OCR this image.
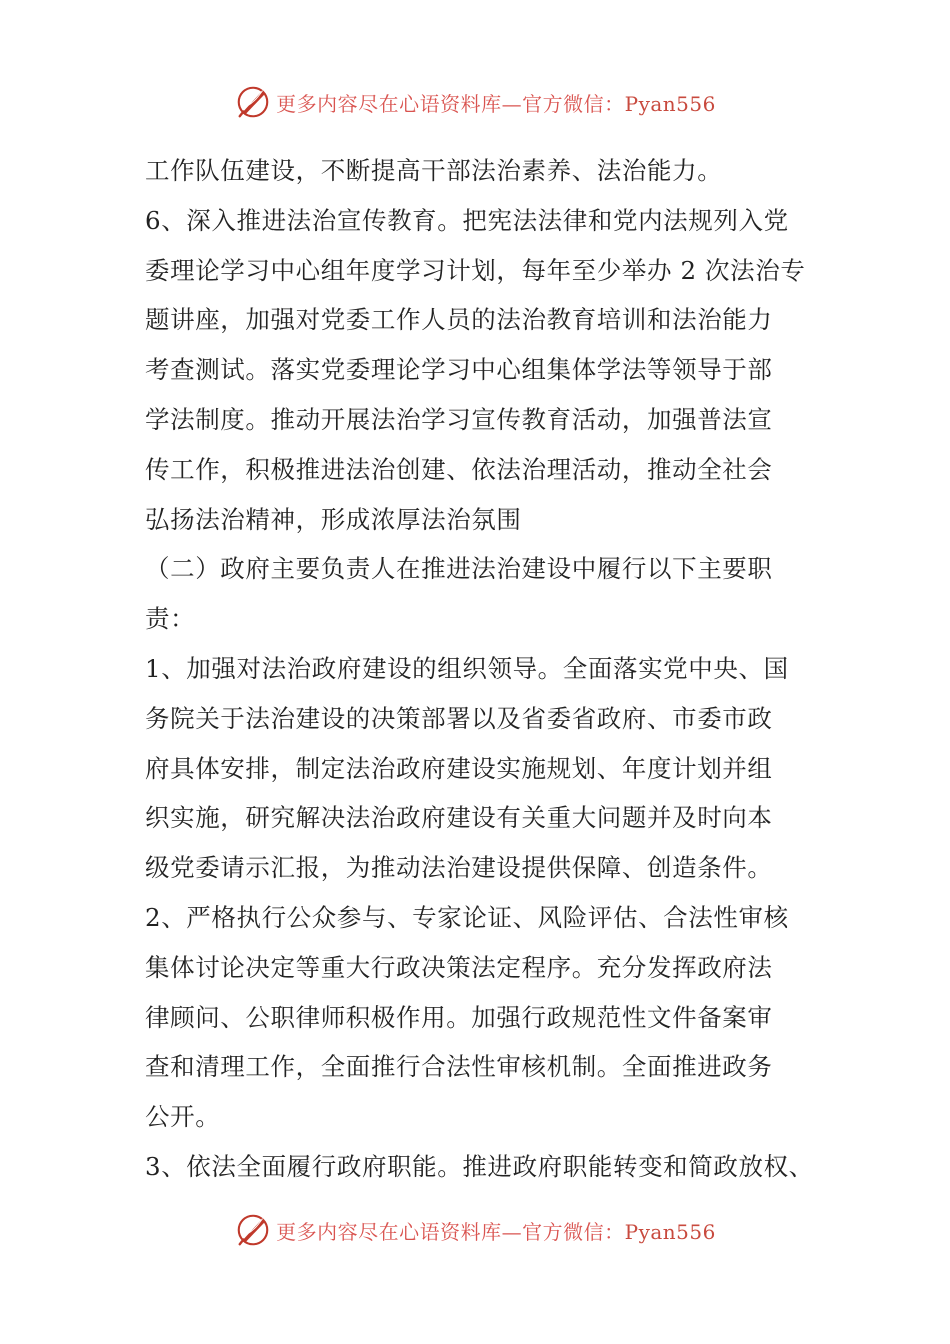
更多内容尽在心语资料库—官方微信：Pyan556
工作队伍建设，不断提高干部法治素养、法治能力。
6、深入推进法治宣传教育。把宪法法律和党内法规列入党
委理论学习中心组年度学习计划，每年至少举办 2 次法治专
题讲座，加强对党委工作人员的法治教育培训和法治能力
考查测试。落实党委理论学习中心组集体学法等领导于部
学法制度。推动开展法治学习宣传教育活动，加强普法宣
传工作，积极推进法治创建、依法治理活动，推动全社会
弘扬法治精神，形成浓厚法治氛围
（二）政府主要负责人在推进法治建设中履行以下主要职
责：
1、加强对法治政府建设的组织领导。全面落实党中央、国
务院关于法治建设的决策部署以及省委省政府、市委市政
府具体安排，制定法治政府建设实施规划、年度计划并组
织实施，研究解决法治政府建设有关重大问题并及时向本
级党委请示汇报，为推动法治建设提供保障、创造条件。
2、严格执行公众参与、专家论证、风险评估、合法性审核
集体讨论决定等重大行政决策法定程序。充分发挥政府法
律顾问、公职律师积极作用。加强行政规范性文件备案审
查和清理工作，全面推行合法性审核机制。全面推进政务
公开。
3、依法全面履行政府职能。推进政府职能转变和简政放权、
更多内容尽在心语资料库—官方微信：Pyan556
